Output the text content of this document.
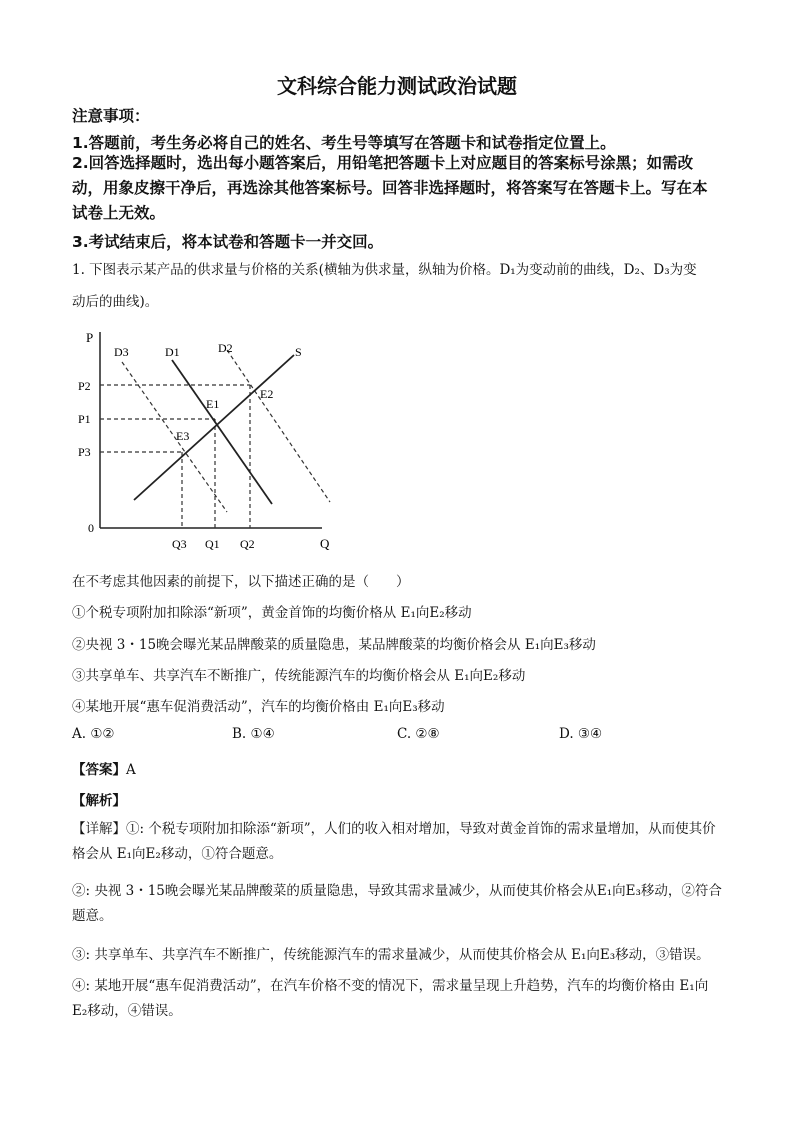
文科综合能力测试政治试题
注意事项：
1.答题前，考生务必将自己的姓名、考生号等填写在答题卡和试卷指定位置上。
2.回答选择题时，选出每小题答案后，用铅笔把答题卡上对应题目的答案标号涂黑；如需改动，用象皮擦干净后，再选涂其他答案标号。回答非选择题时，将答案写在答题卡上。写在本试卷上无效。
3.考试结束后，将本试卷和答题卡一并交回。
1. 下图表示某产品的供求量与价格的关系(横轴为供求量，纵轴为价格。D₁为变动前的曲线，D₂、D₃为变
动后的曲线)。
P
Q
0
D3	D1	D2	S
P2
P1
P3
Q3 Q1 Q2
E1
E2
E3
在不考虑其他因素的前提下，以下描述正确的是（　　）
①个税专项附加扣除添“新项”，黄金首饰的均衡价格从 E₁向E₂移动
②央视 3・15晚会曝光某品牌酸菜的质量隐患，某品牌酸菜的均衡价格会从 E₁向E₃移动
③共享单车、共享汽车不断推广，传统能源汽车的均衡价格会从 E₁向E₂移动
④某地开展“惠车促消费活动”，汽车的均衡价格由 E₁向E₃移动
A. ①②	B. ①④	C. ②⑧	D. ③④
【答案】A
【解析】
【详解】①: 个税专项附加扣除添“新项”，人们的收入相对增加，导致对黄金首饰的需求量增加，从而使其价格会从 E₁向E₂移动，①符合题意。
②: 央视 3・15晚会曝光某品牌酸菜的质量隐患，导致其需求量减少，从而使其价格会从E₁向E₃移动，②符合题意。
③: 共享单车、共享汽车不断推广，传统能源汽车的需求量减少，从而使其价格会从 E₁向E₃移动，③错误。
④: 某地开展“惠车促消费活动”，在汽车价格不变的情况下，需求量呈现上升趋势，汽车的均衡价格由 E₁向E₂移动，④错误。
